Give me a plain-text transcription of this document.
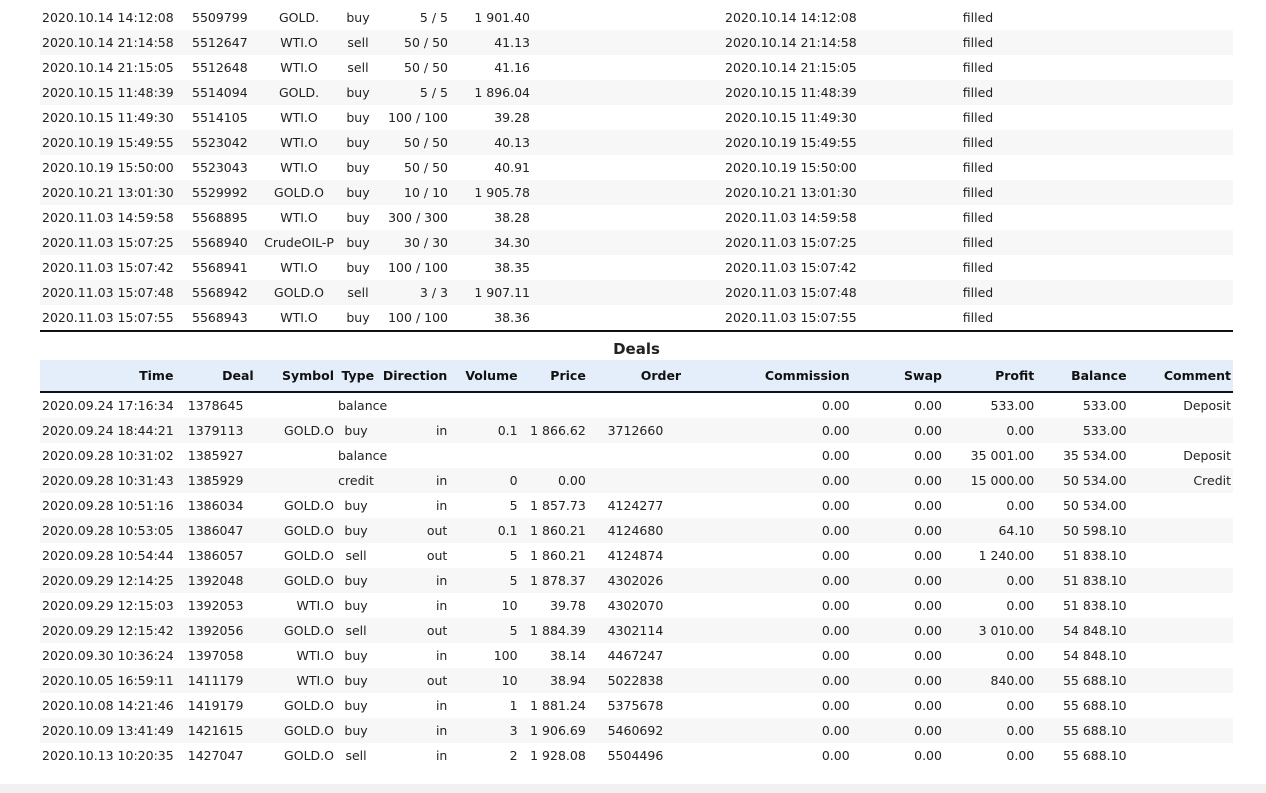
2020.10.14 14:12:08	5509799	GOLD.	buy	5 / 5	1 901.40		2020.10.14 14:12:08	filled	
2020.10.14 21:14:58	5512647	WTI.O	sell	50 / 50	41.13		2020.10.14 21:14:58	filled	
2020.10.14 21:15:05	5512648	WTI.O	sell	50 / 50	41.16		2020.10.14 21:15:05	filled	
2020.10.15 11:48:39	5514094	GOLD.	buy	5 / 5	1 896.04		2020.10.15 11:48:39	filled	
2020.10.15 11:49:30	5514105	WTI.O	buy	100 / 100	39.28		2020.10.15 11:49:30	filled	
2020.10.19 15:49:55	5523042	WTI.O	buy	50 / 50	40.13		2020.10.19 15:49:55	filled	
2020.10.19 15:50:00	5523043	WTI.O	buy	50 / 50	40.91		2020.10.19 15:50:00	filled	
2020.10.21 13:01:30	5529992	GOLD.O	buy	10 / 10	1 905.78		2020.10.21 13:01:30	filled	
2020.11.03 14:59:58	5568895	WTI.O	buy	300 / 300	38.28		2020.11.03 14:59:58	filled	
2020.11.03 15:07:25	5568940	CrudeOIL-P	buy	30 / 30	34.30		2020.11.03 15:07:25	filled	
2020.11.03 15:07:42	5568941	WTI.O	buy	100 / 100	38.35		2020.11.03 15:07:42	filled	
2020.11.03 15:07:48	5568942	GOLD.O	sell	3 / 3	1 907.11		2020.11.03 15:07:48	filled	
2020.11.03 15:07:55	5568943	WTI.O	buy	100 / 100	38.36		2020.11.03 15:07:55	filled	
Deals
Time	Deal	Symbol	Type	Direction	Volume	Price	Order	Commission	Swap	Profit	Balance	Comment
2020.09.24 17:16:34	1378645		balance					0.00	0.00	533.00	533.00	Deposit
2020.09.24 18:44:21	1379113	GOLD.O	buy	in	0.1	1 866.62	3712660	0.00	0.00	0.00	533.00	
2020.09.28 10:31:02	1385927		balance					0.00	0.00	35 001.00	35 534.00	Deposit
2020.09.28 10:31:43	1385929		credit	in	0	0.00		0.00	0.00	15 000.00	50 534.00	Credit
2020.09.28 10:51:16	1386034	GOLD.O	buy	in	5	1 857.73	4124277	0.00	0.00	0.00	50 534.00	
2020.09.28 10:53:05	1386047	GOLD.O	buy	out	0.1	1 860.21	4124680	0.00	0.00	64.10	50 598.10	
2020.09.28 10:54:44	1386057	GOLD.O	sell	out	5	1 860.21	4124874	0.00	0.00	1 240.00	51 838.10	
2020.09.29 12:14:25	1392048	GOLD.O	buy	in	5	1 878.37	4302026	0.00	0.00	0.00	51 838.10	
2020.09.29 12:15:03	1392053	WTI.O	buy	in	10	39.78	4302070	0.00	0.00	0.00	51 838.10	
2020.09.29 12:15:42	1392056	GOLD.O	sell	out	5	1 884.39	4302114	0.00	0.00	3 010.00	54 848.10	
2020.09.30 10:36:24	1397058	WTI.O	buy	in	100	38.14	4467247	0.00	0.00	0.00	54 848.10	
2020.10.05 16:59:11	1411179	WTI.O	buy	out	10	38.94	5022838	0.00	0.00	840.00	55 688.10	
2020.10.08 14:21:46	1419179	GOLD.O	buy	in	1	1 881.24	5375678	0.00	0.00	0.00	55 688.10	
2020.10.09 13:41:49	1421615	GOLD.O	buy	in	3	1 906.69	5460692	0.00	0.00	0.00	55 688.10	
2020.10.13 10:20:35	1427047	GOLD.O	sell	in	2	1 928.08	5504496	0.00	0.00	0.00	55 688.10	
